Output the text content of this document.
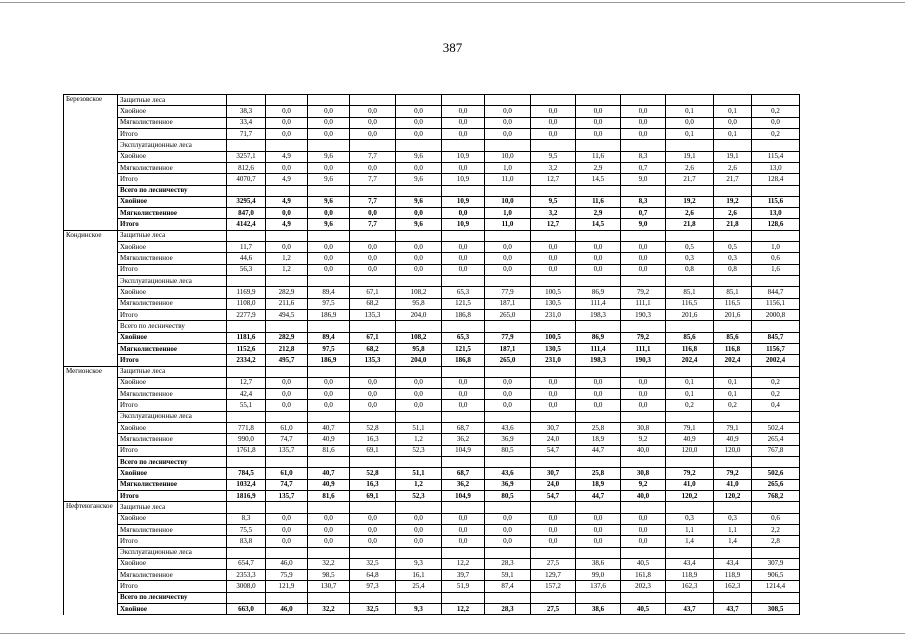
387
Березовское	Защитные леса													
	Хвойное	38,3	0,0	0,0	0,0	0,0	0,0	0,0	0,0	0,0	0,0	0,1	0,1	0,2
	Мягколиственное	33,4	0,0	0,0	0,0	0,0	0,0	0,0	0,0	0,0	0,0	0,0	0,0	0,0
	Итого	71,7	0,0	0,0	0,0	0,0	0,0	0,0	0,0	0,0	0,0	0,1	0,1	0,2
	Эксплуатационные леса													
	Хвойное	3257,1	4,9	9,6	7,7	9,6	10,9	10,0	9,5	11,6	8,3	19,1	19,1	115,4
	Мягколиственное	812,6	0,0	0,0	0,0	0,0	0,0	1,0	3,2	2,9	0,7	2,6	2,6	13,0
	Итого	4070,7	4,9	9,6	7,7	9,6	10,9	11,0	12,7	14,5	9,0	21,7	21,7	128,4
	Всего по лесничеству													
	Хвойное	3295,4	4,9	9,6	7,7	9,6	10,9	10,0	9,5	11,6	8,3	19,2	19,2	115,6
	Мягколиственное	847,0	0,0	0,0	0,0	0,0	0,0	1,0	3,2	2,9	0,7	2,6	2,6	13,0
	Итого	4142,4	4,9	9,6	7,7	9,6	10,9	11,0	12,7	14,5	9,0	21,8	21,8	128,6
Кондинское	Защитные леса													
	Хвойное	11,7	0,0	0,0	0,0	0,0	0,0	0,0	0,0	0,0	0,0	0,5	0,5	1,0
	Мягколиственное	44,6	1,2	0,0	0,0	0,0	0,0	0,0	0,0	0,0	0,0	0,3	0,3	0,6
	Итого	56,3	1,2	0,0	0,0	0,0	0,0	0,0	0,0	0,0	0,0	0,8	0,8	1,6
	Эксплуатационные леса													
	Хвойное	1169,9	282,9	89,4	67,1	108,2	65,3	77,9	100,5	86,9	79,2	85,1	85,1	844,7
	Мягколиственное	1108,0	211,6	97,5	68,2	95,8	121,5	187,1	130,5	111,4	111,1	116,5	116,5	1156,1
	Итого	2277,9	494,5	186,9	135,3	204,0	186,8	265,0	231,0	198,3	190,3	201,6	201,6	2000,8
	Всего по лесничеству													
	Хвойное	1181,6	282,9	89,4	67,1	108,2	65,3	77,9	100,5	86,9	79,2	85,6	85,6	845,7
	Мягколиственное	1152,6	212,8	97,5	68,2	95,8	121,5	187,1	130,5	111,4	111,1	116,8	116,8	1156,7
	Итого	2334,2	495,7	186,9	135,3	204,0	186,8	265,0	231,0	198,3	190,3	202,4	202,4	2002,4
Мегионское	Защитные леса													
	Хвойное	12,7	0,0	0,0	0,0	0,0	0,0	0,0	0,0	0,0	0,0	0,1	0,1	0,2
	Мягколиственное	42,4	0,0	0,0	0,0	0,0	0,0	0,0	0,0	0,0	0,0	0,1	0,1	0,2
	Итого	55,1	0,0	0,0	0,0	0,0	0,0	0,0	0,0	0,0	0,0	0,2	0,2	0,4
	Эксплуатационные леса													
	Хвойное	771,8	61,0	40,7	52,8	51,1	68,7	43,6	30,7	25,8	30,8	79,1	79,1	502,4
	Мягколиственное	990,0	74,7	40,9	16,3	1,2	36,2	36,9	24,0	18,9	9,2	40,9	40,9	265,4
	Итого	1761,8	135,7	81,6	69,1	52,3	104,9	80,5	54,7	44,7	40,0	120,0	120,0	767,8
	Всего по лесничеству													
	Хвойное	784,5	61,0	40,7	52,8	51,1	68,7	43,6	30,7	25,8	30,8	79,2	79,2	502,6
	Мягколиственное	1032,4	74,7	40,9	16,3	1,2	36,2	36,9	24,0	18,9	9,2	41,0	41,0	265,6
	Итого	1816,9	135,7	81,6	69,1	52,3	104,9	80,5	54,7	44,7	40,0	120,2	120,2	768,2
Нефтеюганское	Защитные леса													
	Хвойное	8,3	0,0	0,0	0,0	0,0	0,0	0,0	0,0	0,0	0,0	0,3	0,3	0,6
	Мягколиственное	75,5	0,0	0,0	0,0	0,0	0,0	0,0	0,0	0,0	0,0	1,1	1,1	2,2
	Итого	83,8	0,0	0,0	0,0	0,0	0,0	0,0	0,0	0,0	0,0	1,4	1,4	2,8
	Эксплуатационные леса													
	Хвойное	654,7	46,0	32,2	32,5	9,3	12,2	28,3	27,5	38,6	40,5	43,4	43,4	307,9
	Мягколиственное	2353,3	75,9	98,5	64,8	16,1	39,7	59,1	129,7	99,0	161,8	118,9	118,9	906,5
	Итого	3008,0	121,9	130,7	97,3	25,4	51,9	87,4	157,2	137,6	202,3	162,3	162,3	1214,4
	Всего по лесничеству													
	Хвойное	663,0	46,0	32,2	32,5	9,3	12,2	28,3	27,5	38,6	40,5	43,7	43,7	308,5
